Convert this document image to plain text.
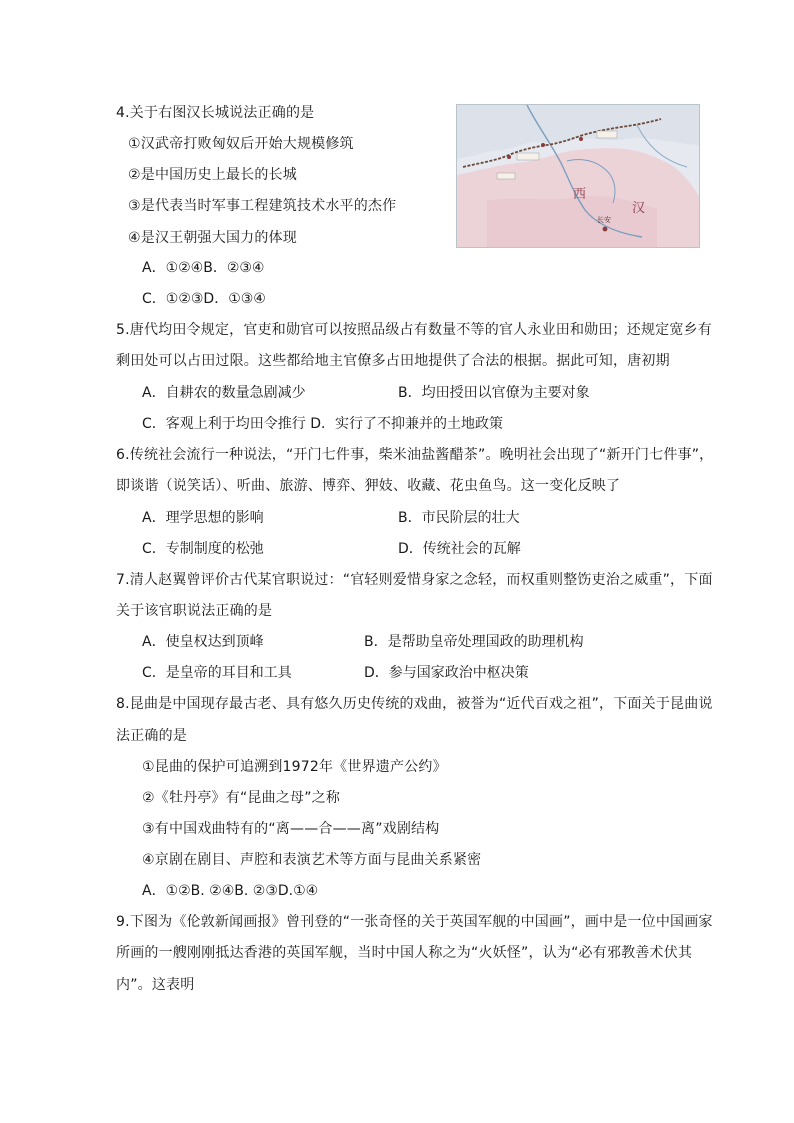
4.关于右图汉长城说法正确的是
①汉武帝打败匈奴后开始大规模修筑
②是中国历史上最长的长城
③是代表当时军事工程建筑技术水平的杰作
④是汉王朝强大国力的体现
A．①②④B．②③④
C．①②③D．①③④
西
汉
长安
5.唐代均田令规定，官吏和勋官可以按照品级占有数量不等的官人永业田和勋田；还规定宽乡有
剩田处可以占田过限。这些都给地主官僚多占田地提供了合法的根据。据此可知，唐初期
A．自耕农的数量急剧减少	B．均田授田以官僚为主要对象
C．客观上利于均田令推行 D．实行了不抑兼并的土地政策
6.传统社会流行一种说法，“开门七件事，柴米油盐酱醋茶”。晚明社会出现了“新开门七件事”，
即谈谐（说笑话）、听曲、旅游、博弈、狎妓、收藏、花虫鱼鸟。这一变化反映了
A．理学思想的影响	B．市民阶层的壮大
C．专制制度的松弛	D．传统社会的瓦解
7.清人赵翼曾评价古代某官职说过：“官轻则爱惜身家之念轻，而权重则整饬吏治之威重”，下面
关于该官职说法正确的是
A．使皇权达到顶峰	B．是帮助皇帝处理国政的助理机构
C．是皇帝的耳目和工具	D．参与国家政治中枢决策
8.昆曲是中国现存最古老、具有悠久历史传统的戏曲，被誉为“近代百戏之祖”，下面关于昆曲说
法正确的是
①昆曲的保护可追溯到1972年《世界遗产公约》
②《牡丹亭》有“昆曲之母”之称
③有中国戏曲特有的“离——合——离”戏剧结构
④京剧在剧目、声腔和表演艺术等方面与昆曲关系紧密
A．①②B. ②④B. ②③D.①④
9.下图为《伦敦新闻画报》曾刊登的“一张奇怪的关于英国军舰的中国画”，画中是一位中国画家
所画的一艘刚刚抵达香港的英国军舰，当时中国人称之为“火妖怪”，认为“必有邪教善术伏其
内”。这表明
